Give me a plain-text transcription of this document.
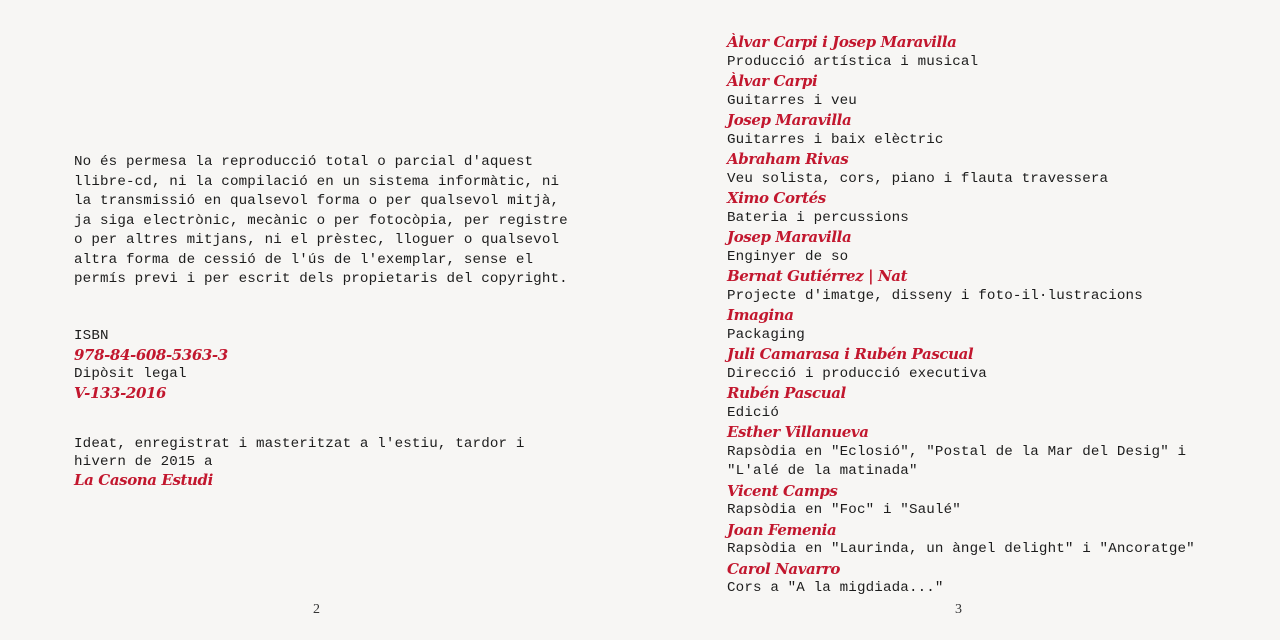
No és permesa la reproducció total o parcial d'aquest
llibre-cd, ni la compilació en un sistema informàtic, ni
la transmissió en qualsevol forma o per qualsevol mitjà,
ja siga electrònic, mecànic o per fotocòpia, per registre
o per altres mitjans, ni el prèstec, lloguer o qualsevol
altra forma de cessió de l'ús de l'exemplar, sense el
permís previ i per escrit dels propietaris del copyright.
ISBN
978-84-608-5363-3
Dipòsit legal
V-133-2016
Ideat, enregistrat i masteritzat a l'estiu, tardor i
hivern de 2015 a
La Casona Estudi
2	3
Àlvar Carpi i Josep Maravilla
Producció artística i musical
Àlvar Carpi
Guitarres i veu
Josep Maravilla
Guitarres i baix elèctric
Abraham Rivas
Veu solista, cors, piano i flauta travessera
Ximo Cortés
Bateria i percussions
Josep Maravilla
Enginyer de so
Bernat Gutiérrez | Nat
Projecte d'imatge, disseny i foto-il·lustracions
Imagina
Packaging
Juli Camarasa i Rubén Pascual
Direcció i producció executiva
Rubén Pascual
Edició
Esther Villanueva
Rapsòdia en "Eclosió", "Postal de la Mar del Desig" i
"L'alé de la matinada"
Vicent Camps
Rapsòdia en "Foc" i "Saulé"
Joan Femenia
Rapsòdia en "Laurinda, un àngel delight" i "Ancoratge"
Carol Navarro
Cors a "A la migdiada..."
